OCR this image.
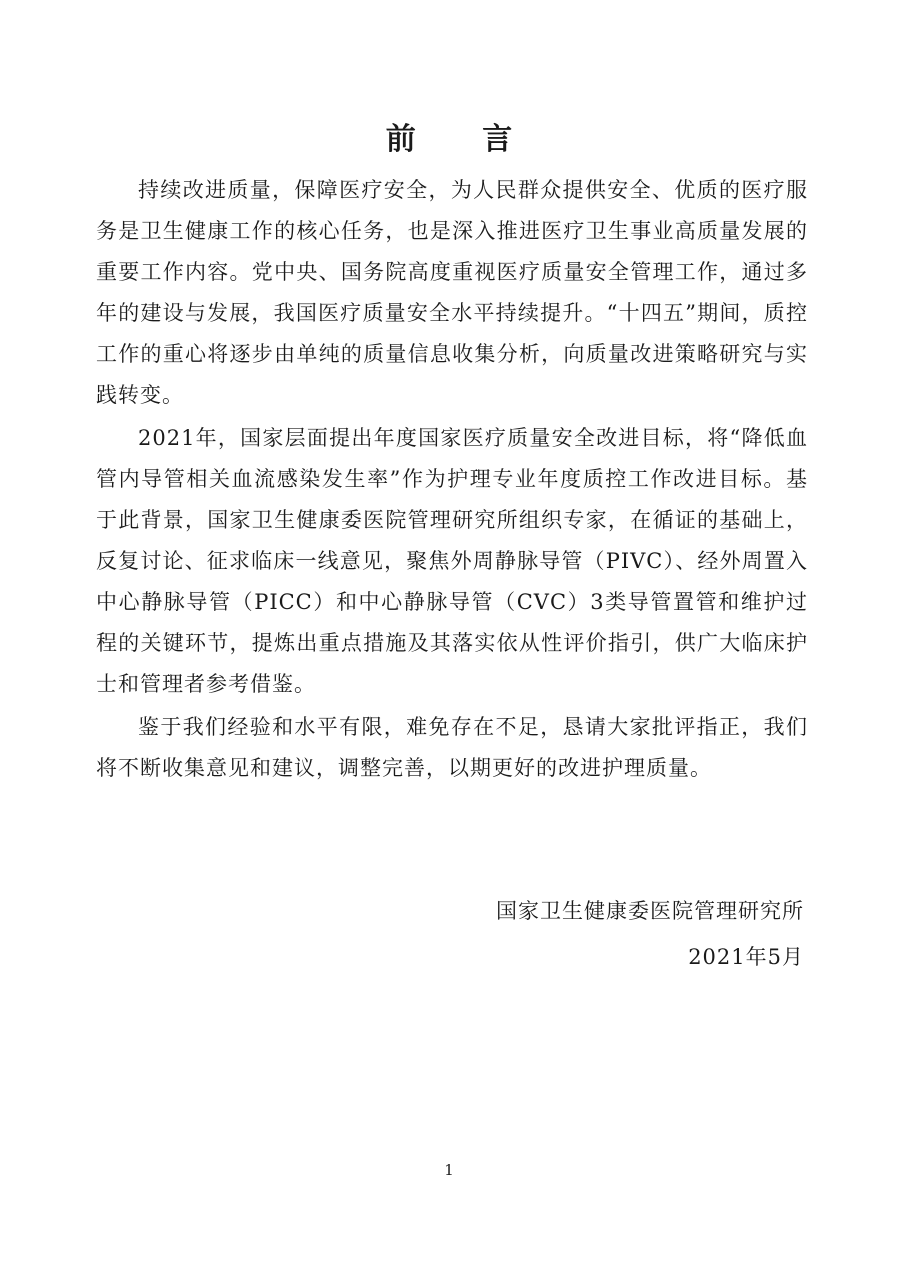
前 言

持续改进质量，保障医疗安全，为人民群众提供安全、优质的医疗服务是卫生健康工作的核心任务，也是深入推进医疗卫生事业高质量发展的重要工作内容。党中央、国务院高度重视医疗质量安全管理工作，通过多年的建设与发展，我国医疗质量安全水平持续提升。“十四五”期间，质控工作的重心将逐步由单纯的质量信息收集分析，向质量改进策略研究与实践转变。

2021年，国家层面提出年度国家医疗质量安全改进目标，将“降低血管内导管相关血流感染发生率”作为护理专业年度质控工作改进目标。基于此背景，国家卫生健康委医院管理研究所组织专家，在循证的基础上，反复讨论、征求临床一线意见，聚焦外周静脉导管（PIVC）、经外周置入中心静脉导管（PICC）和中心静脉导管（CVC）3类导管置管和维护过程的关键环节，提炼出重点措施及其落实依从性评价指引，供广大临床护士和管理者参考借鉴。

鉴于我们经验和水平有限，难免存在不足，恳请大家批评指正，我们将不断收集意见和建议，调整完善，以期更好的改进护理质量。

国家卫生健康委医院管理研究所
2021年5月
1
